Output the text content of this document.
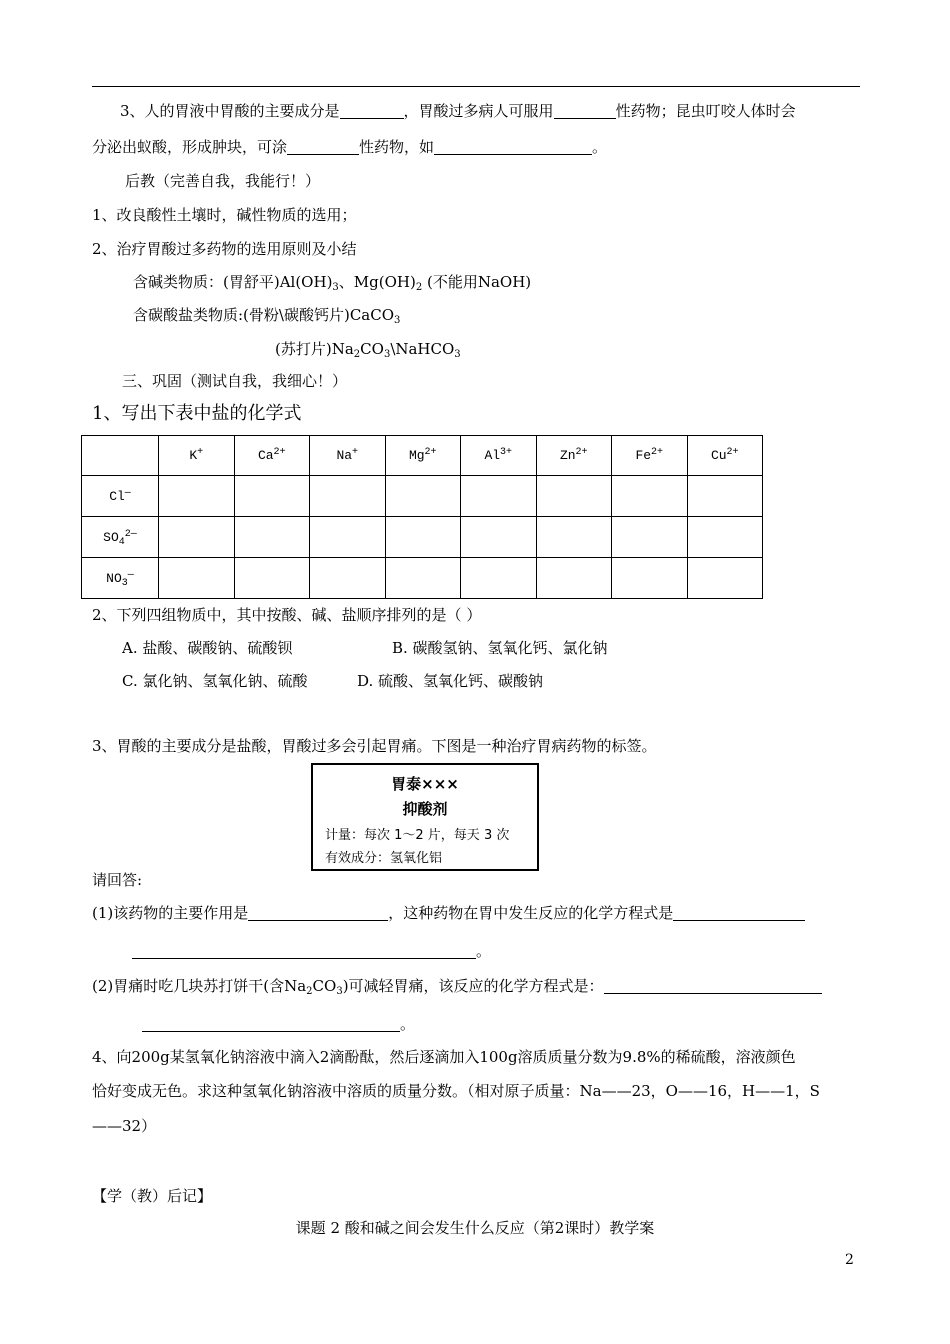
3、人的胃液中胃酸的主要成分是	，胃酸过多病人可服用	性药物；昆虫叮咬人体时会
分泌出蚁酸，形成肿块，可涂	性药物，如	。
后教（完善自我，我能行！）
1、改良酸性土壤时，碱性物质的选用；
2、治疗胃酸过多药物的选用原则及小结
含碱类物质：(胃舒平)$Al(OH)_3$、$Mg(OH)_2$ (不能用NaOH)
含碳酸盐类物质:(骨粉\碳酸钙片)CaCO$_3$
(苏打片)$Na_2CO_3\backslash NaHCO_3$
三、巩固（测试自我，我细心！）
1、写出下表中盐的化学式
	K+	$Ca^{2+}$	Na+	$Mg^{2+}$	$Al^{3+}$	$Zn^{2+}$	$Fe^{2+}$	$Cu^{2+}$
Cl—								
$SO_4^{2—}$								
$NO_3^—$								
2、下列四组物质中，其中按酸、碱、盐顺序排列的是（ ）
A. 盐酸、碳酸钠、硫酸钡	B. 碳酸氢钠、氢氧化钙、氯化钠
C. 氯化钠、氢氧化钠、硫酸	D. 硫酸、氢氧化钙、碳酸钠
3、胃酸的主要成分是盐酸，胃酸过多会引起胃痛。下图是一种治疗胃病药物的标签。
胃泰×××
抑酸剂
计量：每次 1～2 片，每天 3 次
有效成分：氢氧化铝
请回答:
(1)该药物的主要作用是	，这种药物在胃中发生反应的化学方程式是
。
(2)胃痛时吃几块苏打饼干(含$Na_2CO_3$)可减轻胃痛，该反应的化学方程式是：
。
4、向200g某氢氧化钠溶液中滴入2滴酚酞，然后逐滴加入100g溶质质量分数为9.8%的稀硫酸，溶液颜色
恰好变成无色。求这种氢氧化钠溶液中溶质的质量分数。（相对原子质量：Na——23，O——16，H——1，S
——32）
【学（教）后记】
课题 2 酸和碱之间会发生什么反应（第2课时）教学案
2
